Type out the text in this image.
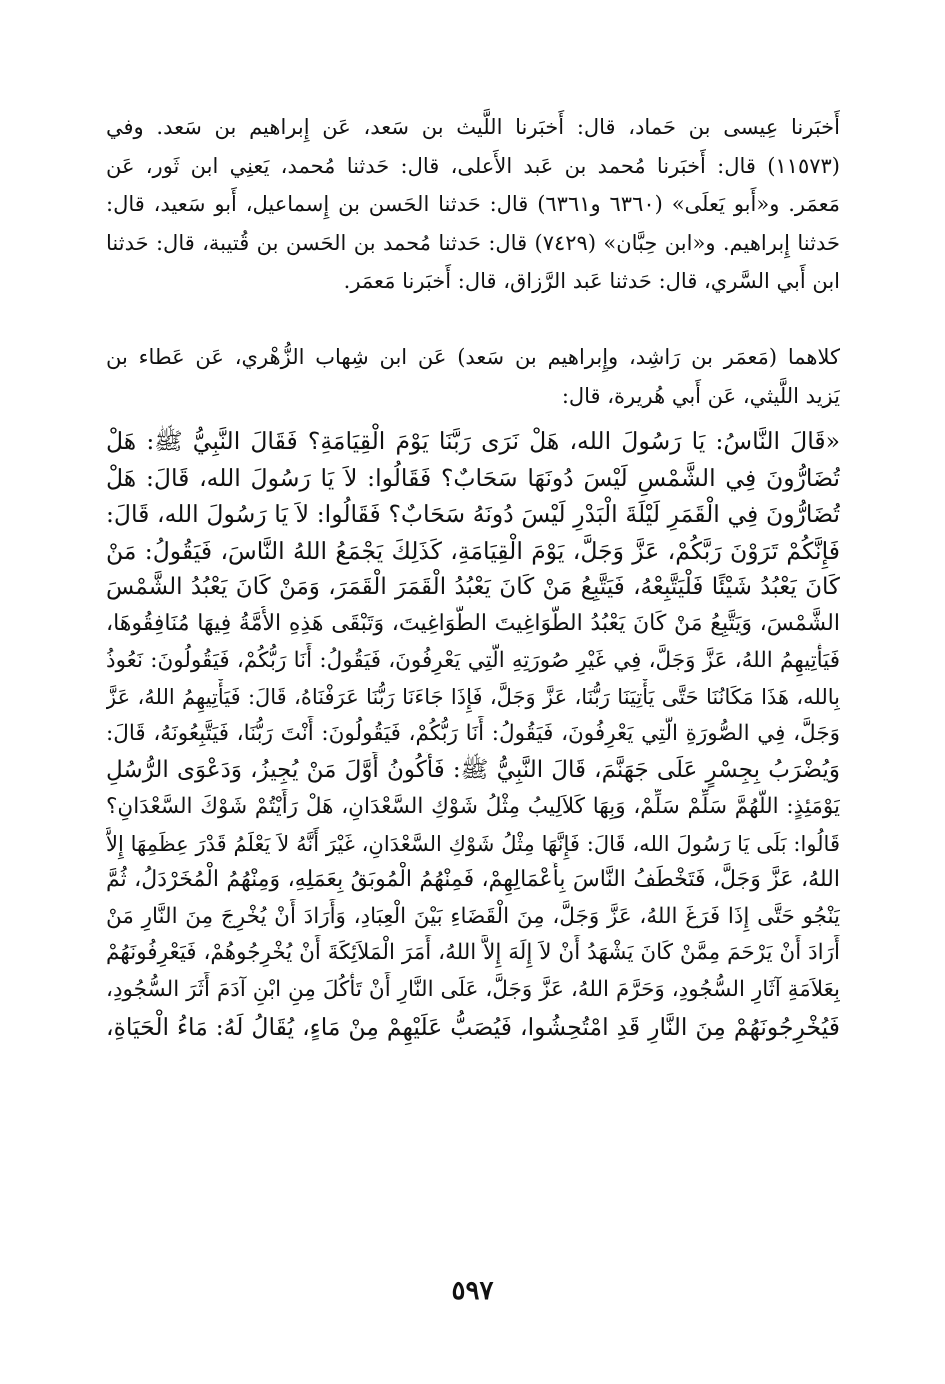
أَخبَرنا عِيسى بن حَماد، قال: أَخبَرنا اللَّيث بن سَعد، عَن إِبراهيم بن سَعد. وفي
(١١٥٧٣) قال: أَخبَرنا مُحمد بن عَبد الأَعلى، قال: حَدثنا مُحمد، يَعنِي ابن ثَور، عَن
مَعمَر. و«أَبو يَعلَى» (٦٣٦٠ و٦٣٦١) قال: حَدثنا الحَسن بن إِسماعيل، أَبو سَعيد، قال:
حَدثنا إِبراهيم. و«ابن حِبَّان» (٧٤٢٩) قال: حَدثنا مُحمد بن الحَسن بن قُتيبة، قال: حَدثنا
ابن أَبي السَّري، قال: حَدثنا عَبد الرَّزاق، قال: أَخبَرنا مَعمَر.
كلاهما (مَعمَر بن رَاشِد، وإِبراهيم بن سَعد) عَن ابن شِهاب الزُّهْري، عَن عَطاء بن
يَزيد اللَّيثي، عَن أَبي هُريرة، قال:
«قَالَ النَّاسُ: يَا رَسُولَ الله، هَلْ نَرَى رَبَّنَا يَوْمَ الْقِيَامَةِ؟ فَقَالَ النَّبِيُّ ﷺ: هَلْ
تُضَارُّونَ فِي الشَّمْسِ لَيْسَ دُونَهَا سَحَابٌ؟ فَقَالُوا: لاَ يَا رَسُولَ الله، قَالَ: هَلْ
تُضَارُّونَ فِي الْقَمَرِ لَيْلَةَ الْبَدْرِ لَيْسَ دُونَهُ سَحَابٌ؟ فَقَالُوا: لاَ يَا رَسُولَ الله، قَالَ:
فَإِنَّكُمْ تَرَوْنَ رَبَّكُمْ، عَزَّ وَجَلَّ، يَوْمَ الْقِيَامَةِ، كَذَلِكَ يَجْمَعُ اللهُ النَّاسَ، فَيَقُولُ: مَنْ
كَانَ يَعْبُدُ شَيْئًا فَلْيَتَّبِعْهُ، فَيَتَّبِعُ مَنْ كَانَ يَعْبُدُ الْقَمَرَ الْقَمَرَ، وَمَنْ كَانَ يَعْبُدُ الشَّمْسَ
الشَّمْسَ، وَيَتَّبِعُ مَنْ كَانَ يَعْبُدُ الطَّوَاغِيتَ الطَّوَاغِيتَ، وَتَبْقَى هَذِهِ الأُمَّةُ فِيهَا مُنَافِقُوهَا،
فَيَأْتِيهِمُ اللهُ، عَزَّ وَجَلَّ، فِي غَيْرِ صُورَتِهِ الَّتِي يَعْرِفُونَ، فَيَقُولُ: أَنَا رَبُّكُمْ، فَيَقُولُونَ: نَعُوذُ
بِالله، هَذَا مَكَانُنَا حَتَّى يَأْتِيَنَا رَبُّنَا، عَزَّ وَجَلَّ، فَإِذَا جَاءَنَا رَبُّنَا عَرَفْنَاهُ، قَالَ: فَيَأْتِيهِمُ اللهُ، عَزَّ
وَجَلَّ، فِي الصُّورَةِ الَّتِي يَعْرِفُونَ، فَيَقُولُ: أَنَا رَبُّكُمْ، فَيَقُولُونَ: أَنْتَ رَبُّنَا، فَيَتَّبِعُونَهُ، قَالَ:
وَيُضْرَبُ بِجِسْرٍ عَلَى جَهَنَّمَ، قَالَ النَّبِيُّ ﷺ: فَأَكُونُ أَوَّلَ مَنْ يُجِيزُ، وَدَعْوَى الرُّسُلِ
يَوْمَئِذٍ: اللَّهُمَّ سَلِّمْ سَلِّمْ، وَبِهَا كَلاَلِيبُ مِثْلُ شَوْكِ السَّعْدَانِ، هَلْ رَأَيْتُمْ شَوْكَ السَّعْدَانِ؟
قَالُوا: بَلَى يَا رَسُولَ الله، قَالَ: فَإِنَّهَا مِثْلُ شَوْكِ السَّعْدَانِ، غَيْرَ أَنَّهُ لاَ يَعْلَمُ قَدْرَ عِظَمِهَا إِلاَّ
اللهُ، عَزَّ وَجَلَّ، فَتَخْطَفُ النَّاسَ بِأَعْمَالِهِمْ، فَمِنْهُمُ الْمُوبَقُ بِعَمَلِهِ، وَمِنْهُمُ الْمُخَرْدَلُ، ثُمَّ
يَنْجُو حَتَّى إِذَا فَرَغَ اللهُ، عَزَّ وَجَلَّ، مِنَ الْقَضَاءِ بَيْنَ الْعِبَادِ، وَأَرَادَ أَنْ يُخْرِجَ مِنَ النَّارِ مَنْ
أَرَادَ أَنْ يَرْحَمَ مِمَّنْ كَانَ يَشْهَدُ أَنْ لاَ إِلَهَ إِلاَّ اللهُ، أَمَرَ الْمَلاَئِكَةَ أَنْ يُخْرِجُوهُمْ، فَيَعْرِفُونَهُمْ
بِعَلاَمَةِ آثَارِ السُّجُودِ، وَحَرَّمَ اللهُ، عَزَّ وَجَلَّ، عَلَى النَّارِ أَنْ تَأْكُلَ مِنِ ابْنِ آدَمَ أَثَرَ السُّجُودِ،
فَيُخْرِجُونَهُمْ مِنَ النَّارِ قَدِ امْتُحِشُوا، فَيُصَبُّ عَلَيْهِمْ مِنْ مَاءٍ، يُقَالُ لَهُ: مَاءُ الْحَيَاةِ،
٥٩٧
